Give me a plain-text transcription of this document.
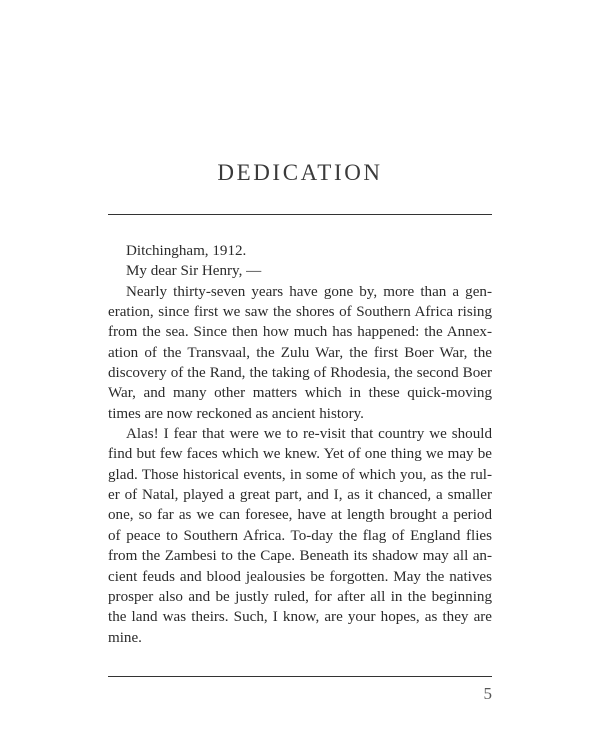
DEDICATION
Ditchingham, 1912.
My dear Sir Henry, —
Nearly thirty-seven years have gone by, more than a gen-
eration, since first we saw the shores of Southern Africa rising
from the sea. Since then how much has happened: the Annex-
ation of the Transvaal, the Zulu War, the first Boer War, the
discovery of the Rand, the taking of Rhodesia, the second Boer
War, and many other matters which in these quick-moving
times are now reckoned as ancient history.
Alas! I fear that were we to re-visit that country we should
find but few faces which we knew. Yet of one thing we may be
glad. Those historical events, in some of which you, as the rul-
er of Natal, played a great part, and I, as it chanced, a smaller
one, so far as we can foresee, have at length brought a period
of peace to Southern Africa. To-day the flag of England flies
from the Zambesi to the Cape. Beneath its shadow may all an-
cient feuds and blood jealousies be forgotten. May the natives
prosper also and be justly ruled, for after all in the beginning
the land was theirs. Such, I know, are your hopes, as they are
mine.
5
